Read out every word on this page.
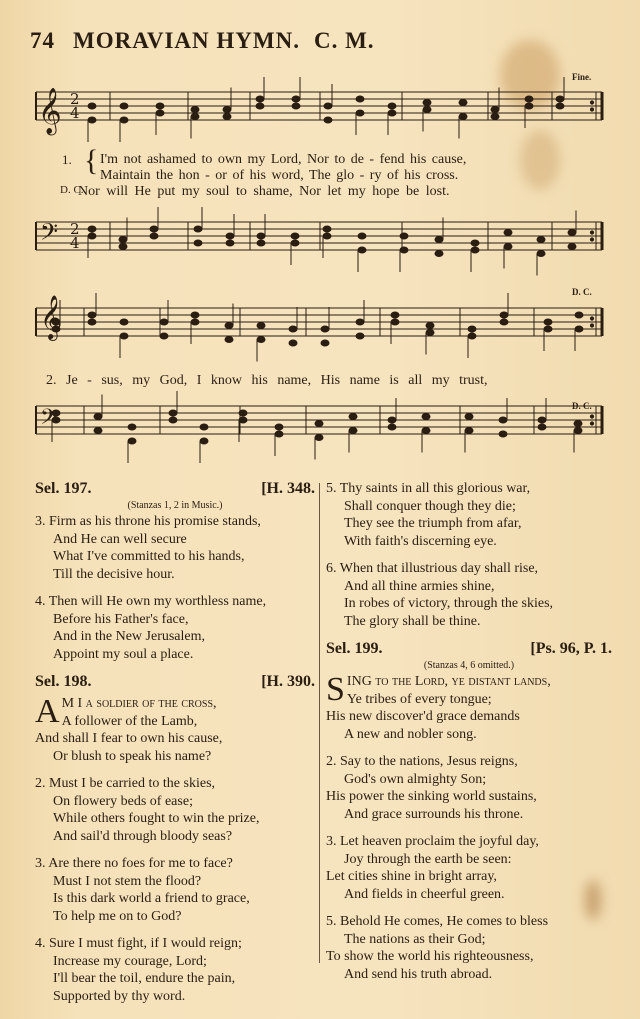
74 MORAVIAN HYMN. C. M.
𝄞
𝄢
𝄞
𝄢
2
4
2
4
Fine.
D. C.
D. C.
1. { I'm not ashamed to own my Lord, Nor to de - fend his cause,
Maintain the hon - or of his word, The glo - ry of his cross.
D. C.
Nor will He put my soul to shame, Nor let my hope be lost.
2. Je - sus, my God, I know his name, His name is all my trust,
Sel. 197.	[H. 348.
(Stanzas 1, 2 in Music.)
3. Firm as his throne his promise stands,
And He can well secure
What I've committed to his hands,
Till the decisive hour.
4. Then will He own my worthless name,
Before his Father's face,
And in the New Jerusalem,
Appoint my soul a place.
Sel. 198.	[H. 390.
A M I a soldier of the cross,
A follower of the Lamb,
And shall I fear to own his cause,
Or blush to speak his name?
2. Must I be carried to the skies,
On flowery beds of ease;
While others fought to win the prize,
And sail'd through bloody seas?
3. Are there no foes for me to face?
Must I not stem the flood?
Is this dark world a friend to grace,
To help me on to God?
4. Sure I must fight, if I would reign;
Increase my courage, Lord;
I'll bear the toil, endure the pain,
Supported by thy word.
5. Thy saints in all this glorious war,
Shall conquer though they die;
They see the triumph from afar,
With faith's discerning eye.
6. When that illustrious day shall rise,
And all thine armies shine,
In robes of victory, through the skies,
The glory shall be thine.
Sel. 199.	[Ps. 96, P. 1.
(Stanzas 4, 6 omitted.)
SING to the Lord, ye distant lands,
Ye tribes of every tongue;
His new discover'd grace demands
A new and nobler song.
2. Say to the nations, Jesus reigns,
God's own almighty Son;
His power the sinking world sustains,
And grace surrounds his throne.
3. Let heaven proclaim the joyful day,
Joy through the earth be seen:
Let cities shine in bright array,
And fields in cheerful green.
5. Behold He comes, He comes to bless
The nations as their God;
To show the world his righteousness,
And send his truth abroad.
